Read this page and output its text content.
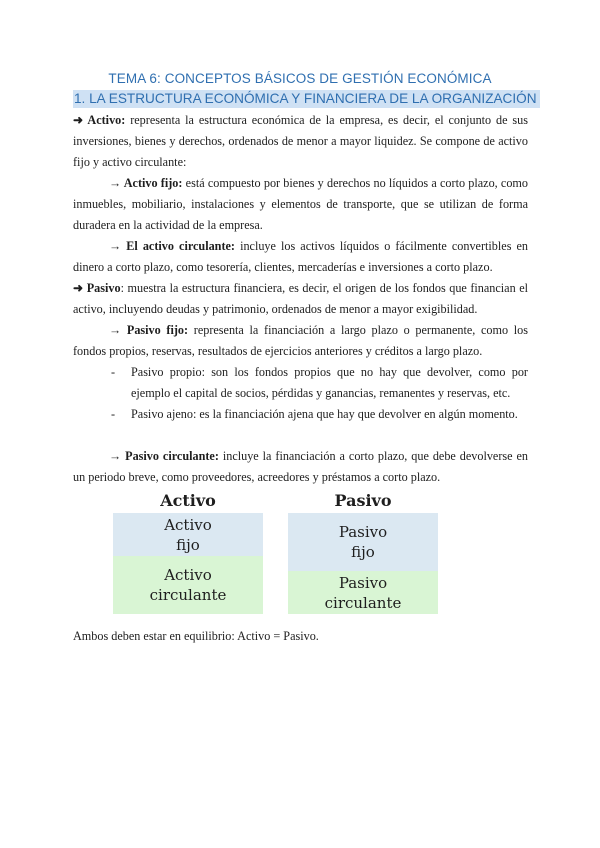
TEMA 6: CONCEPTOS BÁSICOS DE GESTIÓN ECONÓMICA
1. LA ESTRUCTURA ECONÓMICA Y FINANCIERA DE LA ORGANIZACIÓN

➜ Activo: representa la estructura económica de la empresa, es decir, el conjunto de sus inversiones, bienes y derechos, ordenados de menor a mayor liquidez. Se compone de activo fijo y activo circulante:

→ Activo fijo: está compuesto por bienes y derechos no líquidos a corto plazo, como inmuebles, mobiliario, instalaciones y elementos de transporte, que se utilizan de forma duradera en la actividad de la empresa.

→ El activo circulante: incluye los activos líquidos o fácilmente convertibles en dinero a corto plazo, como tesorería, clientes, mercaderías e inversiones a corto plazo.

➜ Pasivo: muestra la estructura financiera, es decir, el origen de los fondos que financian el activo, incluyendo deudas y patrimonio, ordenados de menor a mayor exigibilidad.

→ Pasivo fijo: representa la financiación a largo plazo o permanente, como los fondos propios, reservas, resultados de ejercicios anteriores y créditos a largo plazo.

- Pasivo propio: son los fondos propios que no hay que devolver, como por ejemplo el capital de socios, pérdidas y ganancias, remanentes y reservas, etc.
- Pasivo ajeno: es la financiación ajena que hay que devolver en algún momento.

→ Pasivo circulante: incluye la financiación a corto plazo, que debe devolverse en un periodo breve, como proveedores, acreedores y préstamos a corto plazo.

Activo	Pasivo
Activo
fijo
Activo
circulante
Pasivo
fijo
Pasivo
circulante

Ambos deben estar en equilibrio: Activo = Pasivo.
